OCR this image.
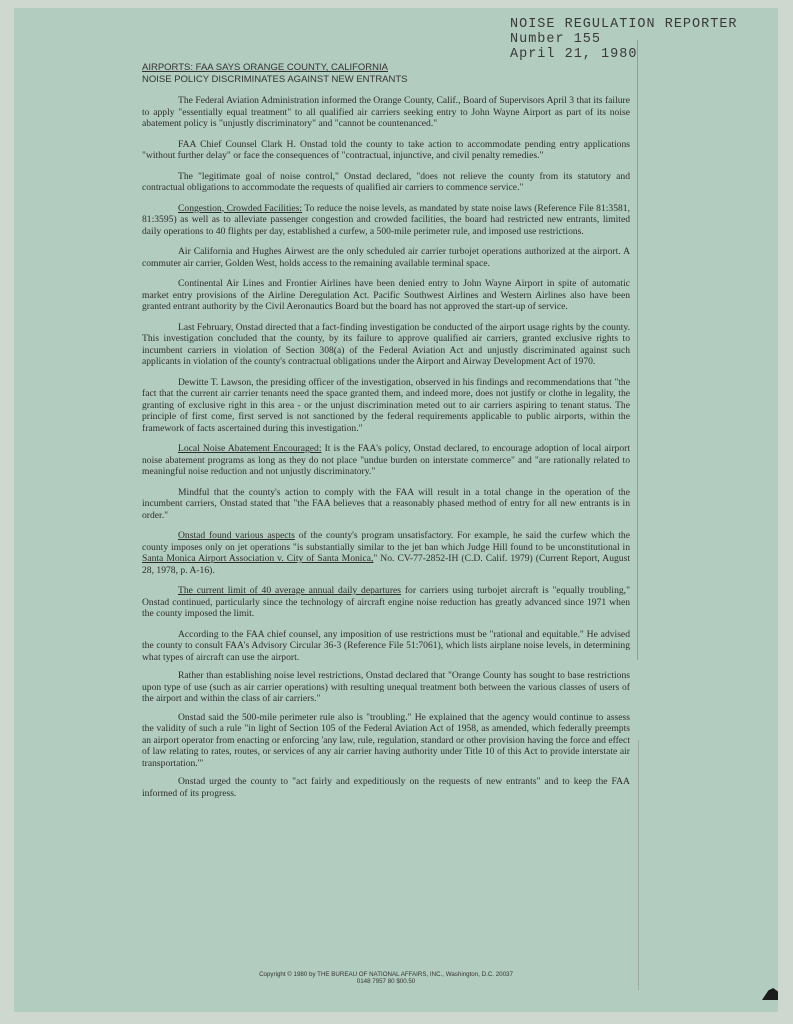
NOISE REGULATION REPORTER
Number 155
April 21, 1980
AIRPORTS: FAA SAYS ORANGE COUNTY, CALIFORNIA
NOISE POLICY DISCRIMINATES AGAINST NEW ENTRANTS

The Federal Aviation Administration informed the Orange County, Calif., Board of Supervisors April 3 that its failure to apply "essentially equal treatment" to all qualified air carriers seeking entry to John Wayne Airport as part of its noise abatement policy is "unjustly discriminatory" and "cannot be countenanced."

FAA Chief Counsel Clark H. Onstad told the county to take action to accommodate pending entry applications "without further delay" or face the consequences of "contractual, injunctive, and civil penalty remedies."

The "legitimate goal of noise control," Onstad declared, "does not relieve the county from its statutory and contractual obligations to accommodate the requests of qualified air carriers to commence service."

Congestion, Crowded Facilities: To reduce the noise levels, as mandated by state noise laws (Reference File 81:3581, 81:3595) as well as to alleviate passenger congestion and crowded facilities, the board had restricted new entrants, limited daily operations to 40 flights per day, established a curfew, a 500-mile perimeter rule, and imposed use restrictions.

Air California and Hughes Airwest are the only scheduled air carrier turbojet operations authorized at the airport. A commuter air carrier, Golden West, holds access to the remaining available terminal space.

Continental Air Lines and Frontier Airlines have been denied entry to John Wayne Airport in spite of automatic market entry provisions of the Airline Deregulation Act. Pacific Southwest Airlines and Western Airlines also have been granted entrant authority by the Civil Aeronautics Board but the board has not approved the start-up of service.

Last February, Onstad directed that a fact-finding investigation be conducted of the airport usage rights by the county. This investigation concluded that the county, by its failure to approve qualified air carriers, granted exclusive rights to incumbent carriers in violation of Section 308(a) of the Federal Aviation Act and unjustly discriminated against such applicants in violation of the county's contractual obligations under the Airport and Airway Development Act of 1970.

Dewitte T. Lawson, the presiding officer of the investigation, observed in his findings and recommendations that "the fact that the current air carrier tenants need the space granted them, and indeed more, does not justify or clothe in legality, the granting of exclusive right in this area - or the unjust discrimination meted out to air carriers aspiring to tenant status. The principle of first come, first served is not sanctioned by the federal requirements applicable to public airports, within the framework of facts ascertained during this investigation."

Local Noise Abatement Encouraged: It is the FAA's policy, Onstad declared, to encourage adoption of local airport noise abatement programs as long as they do not place "undue burden on interstate commerce" and "are rationally related to meaningful noise reduction and not unjustly discriminatory."

Mindful that the county's action to comply with the FAA will result in a total change in the operation of the incumbent carriers, Onstad stated that "the FAA believes that a reasonably phased method of entry for all new entrants is in order."

Onstad found various aspects of the county's program unsatisfactory. For example, he said the curfew which the county imposes only on jet operations "is substantially similar to the jet ban which Judge Hill found to be unconstitutional in Santa Monica Airport Association v. City of Santa Monica," No. CV-77-2852-IH (C.D. Calif. 1979) (Current Report, August 28, 1978, p. A-16).

The current limit of 40 average annual daily departures for carriers using turbojet aircraft is "equally troubling," Onstad continued, particularly since the technology of aircraft engine noise reduction has greatly advanced since 1971 when the county imposed the limit.

According to the FAA chief counsel, any imposition of use restrictions must be "rational and equitable." He advised the county to consult FAA's Advisory Circular 36-3 (Reference File 51:7061), which lists airplane noise levels, in determining what types of aircraft can use the airport.

Rather than establishing noise level restrictions, Onstad declared that "Orange County has sought to base restrictions upon type of use (such as air carrier operations) with resulting unequal treatment both between the various classes of users of the airport and within the class of air carriers."

Onstad said the 500-mile perimeter rule also is "troubling." He explained that the agency would continue to assess the validity of such a rule "in light of Section 105 of the Federal Aviation Act of 1958, as amended, which federally preempts an airport operator from enacting or enforcing 'any law, rule, regulation, standard or other provision having the force and effect of law relating to rates, routes, or services of any air carrier having authority under Title 10 of this Act to provide interstate air transportation.'"

Onstad urged the county to "act fairly and expeditiously on the requests of new entrants" and to keep the FAA informed of its progress.

Copyright © 1980 by THE BUREAU OF NATIONAL AFFAIRS, INC., Washington, D.C. 20037
0148 7957 80 $00.50
